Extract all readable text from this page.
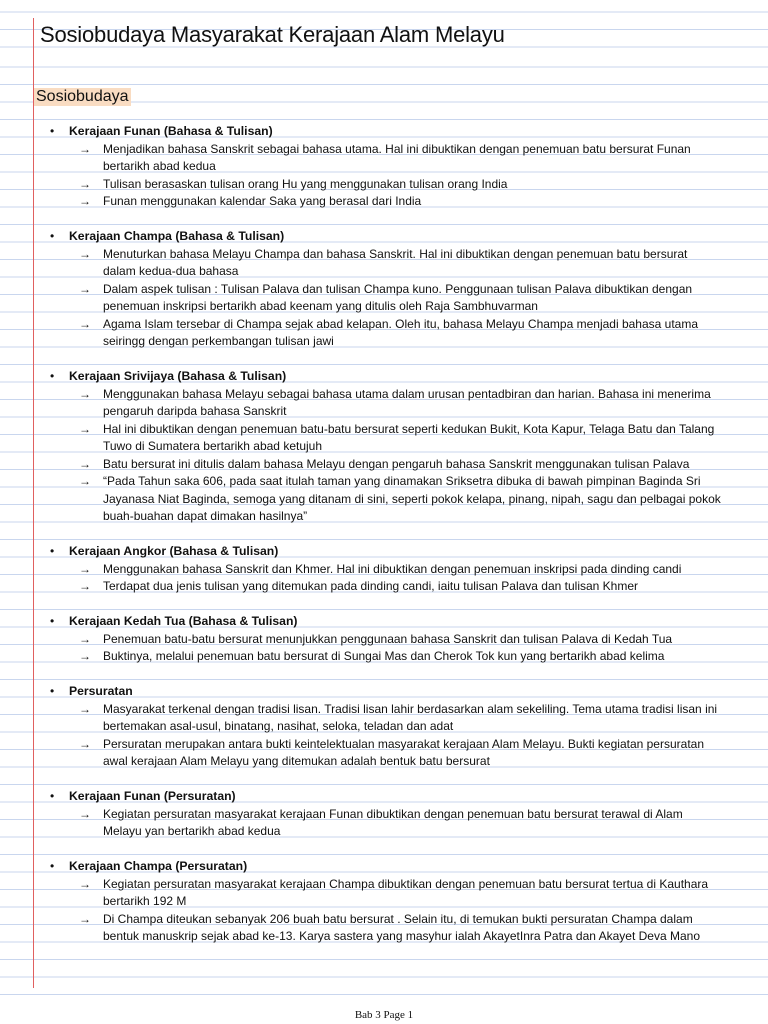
Sosiobudaya Masyarakat Kerajaan Alam Melayu
Sosiobudaya
• Kerajaan Funan (Bahasa & Tulisan)
→ Menjadikan bahasa Sanskrit sebagai bahasa utama. Hal ini dibuktikan dengan penemuan batu bersurat Funan bertarikh abad kedua
→ Tulisan berasaskan tulisan orang Hu yang menggunakan tulisan orang India
→ Funan menggunakan kalendar Saka yang berasal dari India
• Kerajaan Champa (Bahasa & Tulisan)
→ Menuturkan bahasa Melayu Champa dan bahasa Sanskrit. Hal ini dibuktikan dengan penemuan batu bersurat dalam kedua-dua bahasa
→ Dalam aspek tulisan : Tulisan Palava dan tulisan Champa kuno. Penggunaan tulisan Palava dibuktikan dengan penemuan inskripsi bertarikh abad keenam yang ditulis oleh Raja Sambhuvarman
→ Agama Islam tersebar di Champa sejak abad kelapan. Oleh itu, bahasa Melayu Champa menjadi bahasa utama seiringg dengan perkembangan tulisan jawi
• Kerajaan Srivijaya (Bahasa & Tulisan)
→ Menggunakan bahasa Melayu sebagai bahasa utama dalam urusan pentadbiran dan harian. Bahasa ini menerima pengaruh daripda bahasa Sanskrit
→ Hal ini dibuktikan dengan penemuan batu-batu bersurat seperti kedukan Bukit, Kota Kapur, Telaga Batu dan Talang Tuwo di Sumatera bertarikh abad ketujuh
→ Batu bersurat ini ditulis dalam bahasa Melayu dengan pengaruh bahasa Sanskrit menggunakan tulisan Palava
→ “Pada Tahun saka 606, pada saat itulah taman yang dinamakan Sriksetra dibuka di bawah pimpinan Baginda Sri Jayanasa Niat Baginda, semoga yang ditanam di sini, seperti pokok kelapa, pinang, nipah, sagu dan pelbagai pokok buah-buahan dapat dimakan hasilnya”
• Kerajaan Angkor (Bahasa & Tulisan)
→ Menggunakan bahasa Sanskrit dan Khmer. Hal ini dibuktikan dengan penemuan inskripsi pada dinding candi
→ Terdapat dua jenis tulisan yang ditemukan pada dinding candi, iaitu tulisan Palava dan tulisan Khmer
• Kerajaan Kedah Tua (Bahasa & Tulisan)
→ Penemuan batu-batu bersurat menunjukkan penggunaan bahasa Sanskrit dan tulisan Palava di Kedah Tua
→ Buktinya, melalui penemuan batu bersurat di Sungai Mas dan Cherok Tok kun yang bertarikh abad kelima
• Persuratan
→ Masyarakat terkenal dengan tradisi lisan. Tradisi lisan lahir berdasarkan alam sekeliling. Tema utama tradisi lisan ini bertemakan asal-usul, binatang, nasihat, seloka, teladan dan adat
→ Persuratan merupakan antara bukti keintelektualan masyarakat kerajaan Alam Melayu. Bukti kegiatan persuratan awal kerajaan Alam Melayu yang ditemukan adalah bentuk batu bersurat
• Kerajaan Funan (Persuratan)
→ Kegiatan persuratan masyarakat kerajaan Funan dibuktikan dengan penemuan batu bersurat terawal di Alam Melayu yan bertarikh abad kedua
• Kerajaan Champa (Persuratan)
→ Kegiatan persuratan masyarakat kerajaan Champa dibuktikan dengan penemuan batu bersurat tertua di Kauthara bertarikh 192 M
→ Di Champa diteukan sebanyak 206 buah batu bersurat . Selain itu, di temukan bukti persuratan Champa dalam bentuk manuskrip sejak abad ke-13. Karya sastera yang masyhur ialah AkayetInra Patra dan Akayet Deva Mano
Bab 3 Page 1
